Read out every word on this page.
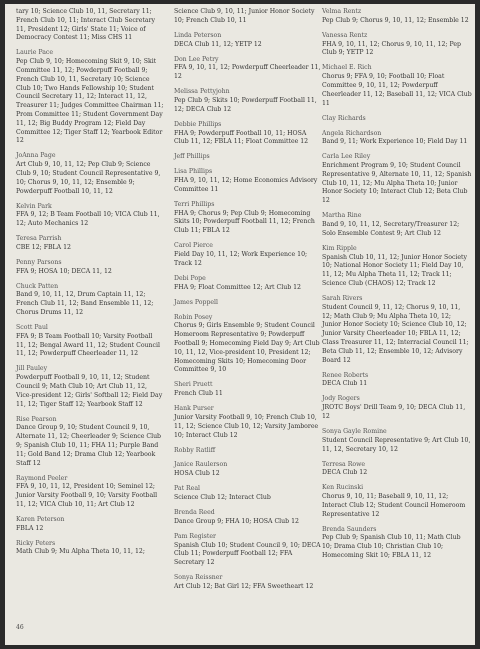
tary 10; Science Club 10, 11, Secretary 11; French Club 10, 11; Interact Club Secretary 11, President 12; Girls' State 11; Voice of Democracy Contest 11; Miss CHS 11
Laurie Pace
Pep Club 9, 10; Homecoming Skit 9, 10; Skit Committee 11, 12; Powderpuff Football 9; French Club 10, 11, Secretary 10; Science Club 10; Two Hands Fellowship 10; Student Council Secretary 11, 12; Interact 11, 12, Treasurer 11; Judges Committee Chairman 11; Prom Committee 11; Student Government Day 11, 12; Big Buddy Program 12; Field Day Committee 12; Tiger Staff 12; Yearbook Editor 12
JoAnna Page
Art Club 9, 10, 11, 12; Pep Club 9; Science Club 9, 10; Student Council Representative 9, 10; Chorus 9, 10, 11, 12; Ensemble 9; Powderpuff Football 10, 11, 12
Kelvin Park
FFA 9, 12; B Team Football 10; VICA Club 11, 12; Auto Mechanics 12
Teresa Parrish
CBE 12; FBLA 12
Penny Parsons
FFA 9; HOSA 10; DECA 11, 12
Chuck Patten
Band 9, 10, 11, 12, Drum Captain 11, 12; French Club 11, 12; Band Ensemble 11, 12; Chorus Drums 11, 12
Scott Paul
FFA 9; B Team Football 10; Varsity Football 11, 12; Bengal Award 11, 12; Student Council 11, 12; Powderpuff Cheerleader 11, 12
Jill Pauley
Powderpuff Football 9, 10, 11, 12; Student Council 9; Math Club 10; Art Club 11, 12, Vice-president 12; Girls' Softball 12; Field Day 11, 12; Tiger Staff 12; Yearbook Staff 12
Rise Pearson
Dance Group 9, 10; Student Council 9, 10, Alternate 11, 12; Cheerleader 9; Science Club 9; Spanish Club 10, 11; FHA 11; Purple Band 11; Gold Band 12; Drama Club 12; Yearbook Staff 12
Raymond Peeler
FFA 9, 10, 11, 12, President 10; Seminel 12; Junior Varsity Football 9, 10; Varsity Football 11, 12; VICA Club 10, 11; Art Club 12
Karen Peterson
FBLA 12
Ricky Peters
Math Club 9; Mu Alpha Theta 10, 11, 12;
Science Club 9, 10, 11; Junior Honor Society 10; French Club 10, 11
Linda Peterson
DECA Club 11, 12; YETP 12
Don Lee Petry
FFA 9, 10, 11, 12; Powderpuff Cheerleader 11, 12
Melissa Pettyjohn
Pep Club 9; Skits 10; Powderpuff Football 11, 12; DECA Club 12
Debbie Phillips
FHA 9; Powderpuff Football 10, 11; HOSA Club 11, 12; FBLA 11; Float Committee 12
Jeff Phillips
Lisa Phillips
FHA 9, 10, 11, 12; Home Economics Advisory Committee 11
Terri Phillips
FHA 9; Chorus 9; Pep Club 9; Homecoming Skits 10; Powderpuff Football 11, 12; French Club 11; FBLA 12
Carol Pierce
Field Day 10, 11, 12; Work Experience 10; Track 12
Debi Pope
FHA 9; Float Committee 12; Art Club 12
James Poppell
Robin Posey
Chorus 9; Girls Ensemble 9; Student Council Homeroom Representative 9; Powderpuff Football 9; Homecoming Field Day 9; Art Club 10, 11, 12, Vice-president 10, President 12; Homecoming Skits 10; Homecoming Door Committee 9, 10
Sheri Pruett
French Club 11
Hank Purser
Junior Varsity Football 9, 10; French Club 10, 11, 12; Science Club 10, 12; Varsity Jamboree 10; Interact Club 12
Robby Ratliff
Janice Raulerson
HOSA Club 12
Pat Real
Science Club 12; Interact Club
Brenda Reed
Dance Group 9; FHA 10; HOSA Club 12
Pam Register
Spanish Club 10; Student Council 9, 10; DECA Club 11; Powderpuff Football 12; FFA Secretary 12
Sonya Reissner
Art Club 12; Bat Girl 12; FFA Sweetheart 12
Velma Rentz
Pep Club 9; Chorus 9, 10, 11, 12; Ensemble 12
Vanessa Rentz
FHA 9, 10, 11, 12; Chorus 9, 10, 11, 12; Pep Club 9; YETP 12
Michael E. Rich
Chorus 9; FFA 9, 10; Football 10; Float Committee 9, 10, 11, 12; Powderpuff Cheerleader 11, 12; Baseball 11, 12; VICA Club 11
Clay Richards
Angela Richardson
Band 9, 11; Work Experience 10; Field Day 11
Carla Lee Riley
Enrichment Program 9, 10; Student Council Representative 9, Alternate 10, 11, 12; Spanish Club 10, 11, 12; Mu Alpha Theta 10; Junior Honor Society 10; Interact Club 12; Beta Club 12
Martha Rine
Band 9, 10, 11, 12, Secretary/Treasurer 12; Solo Ensemble Contest 9; Art Club 12
Kim Ripple
Spanish Club 10, 11, 12; Junior Honor Society 10; National Honor Society 11; Field Day 10, 11, 12; Mu Alpha Theta 11, 12; Track 11; Science Club (CHAOS) 12; Track 12
Sarah Rivers
Student Council 9, 11, 12; Chorus 9, 10, 11, 12; Math Club 9; Mu Alpha Theta 10, 12; Junior Honor Society 10; Science Club 10, 12; Junior Varsity Cheerleader 10; FBLA 11, 12; Class Treasurer 11, 12; Interracial Council 11; Beta Club 11, 12; Ensemble 10, 12; Advisory Board 12
Renee Roberts
DECA Club 11
Jody Rogers
JROTC Boys' Drill Team 9, 10; DECA Club 11, 12
Sonya Gayle Romine
Student Council Representative 9; Art Club 10, 11, 12, Secretary 10, 12
Terresa Rowe
DECA Club 12
Ken Rucinski
Chorus 9, 10, 11; Baseball 9, 10, 11, 12; Interact Club 12; Student Council Homeroom Representative 12
Brenda Saunders
Pep Club 9; Spanish Club 10, 11; Math Club 10; Drama Club 10; Christian Club 10; Homecoming Skit 10; FBLA 11, 12
46
